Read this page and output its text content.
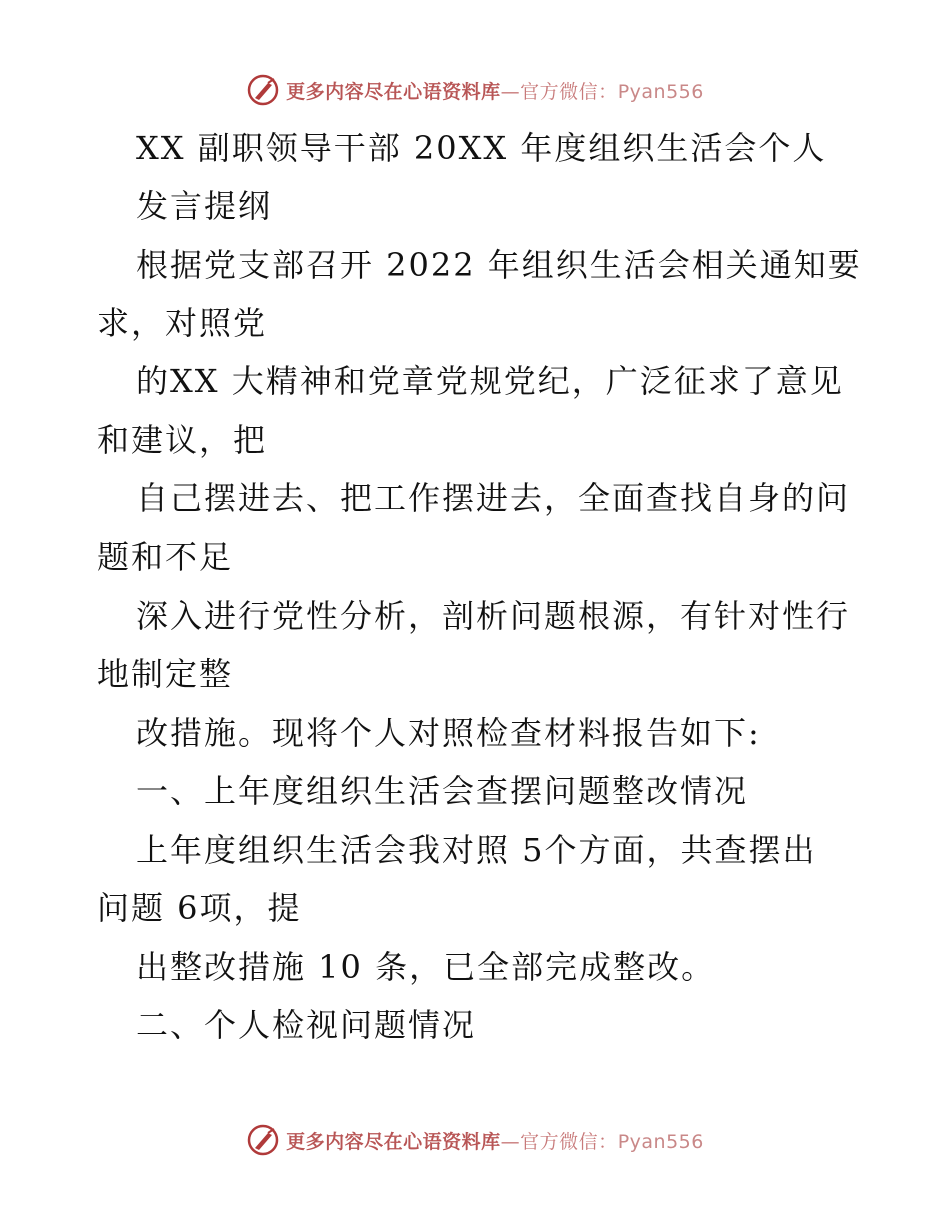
更多内容尽在心语资料库—官方微信：Pyan556
XX 副职领导干部 20XX 年度组织生活会个人
发言提纲
根据党支部召开 2022 年组织生活会相关通知要
求，对照党
的XX 大精神和党章党规党纪，广泛征求了意见
和建议，把
自己摆进去、把工作摆进去，全面查找自身的问
题和不足
深入进行党性分析，剖析问题根源，有针对性行
地制定整
改措施。现将个人对照检查材料报告如下:
一、上年度组织生活会查摆问题整改情况
上年度组织生活会我对照 5个方面，共查摆出
问题 6项，提
出整改措施 10 条，已全部完成整改。
二、个人检视问题情况
更多内容尽在心语资料库—官方微信：Pyan556
